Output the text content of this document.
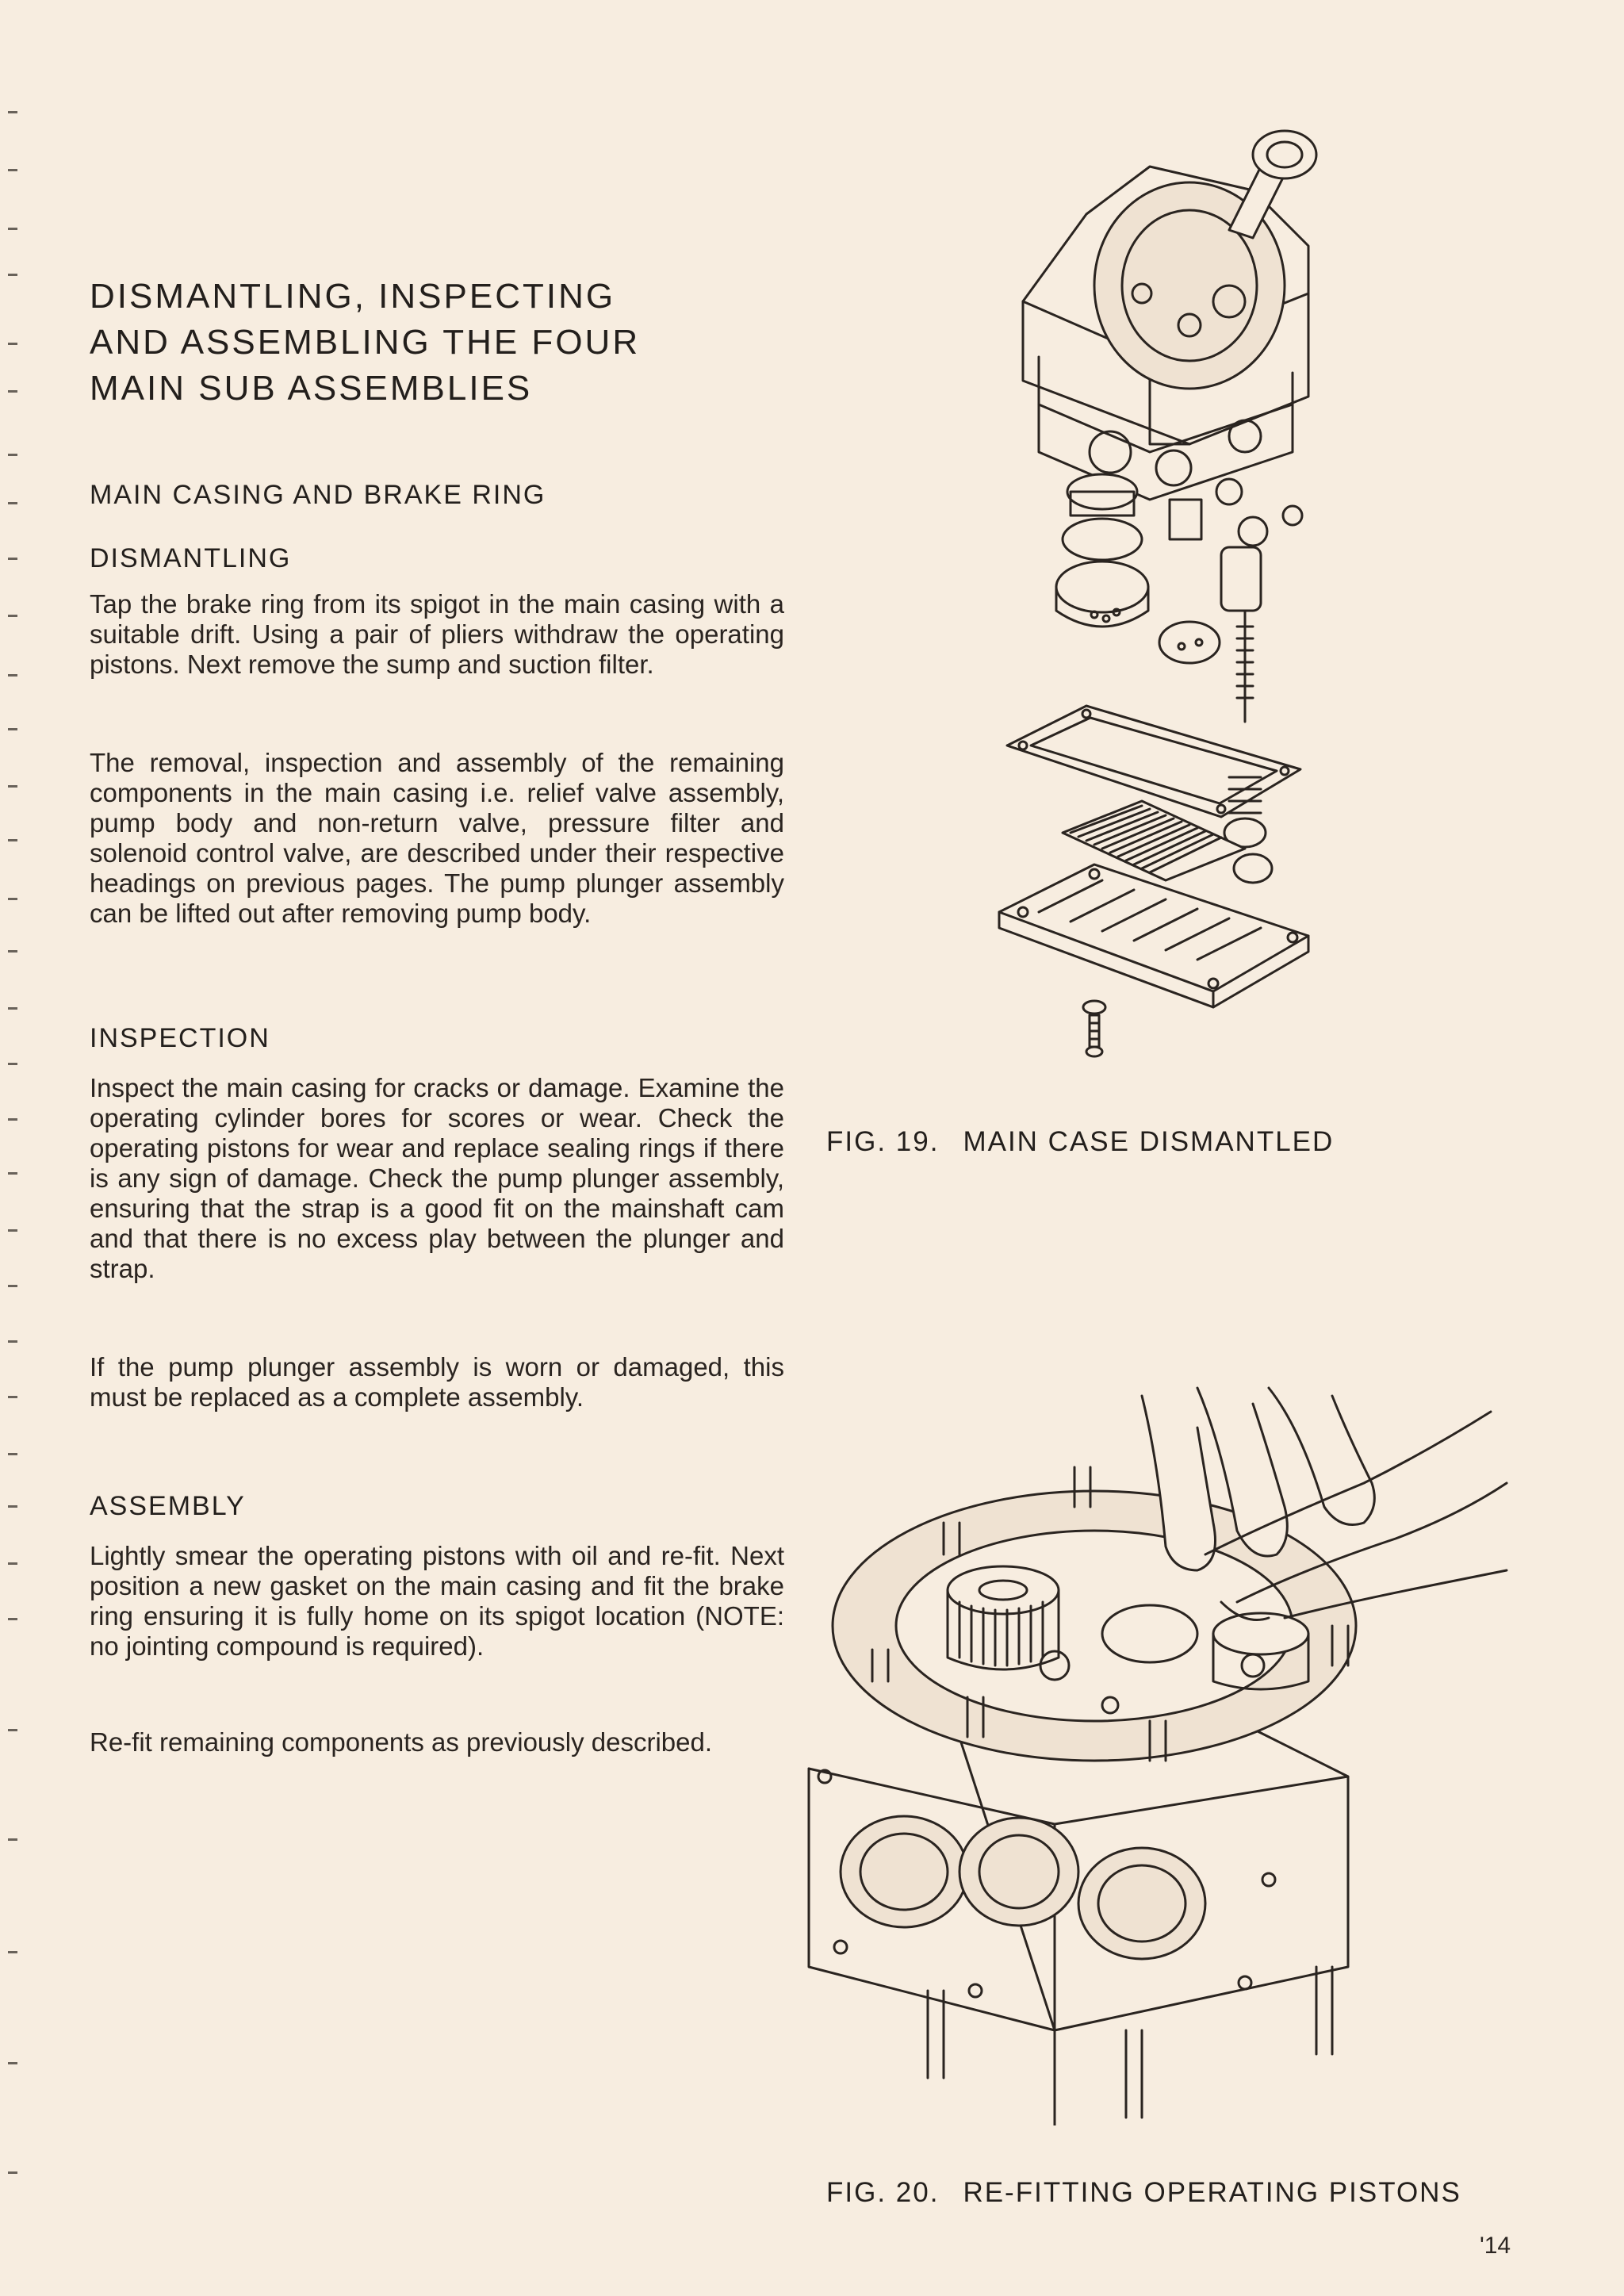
DISMANTLING, INSPECTING
AND ASSEMBLING THE FOUR
MAIN SUB ASSEMBLIES
MAIN CASING AND BRAKE RING
DISMANTLING

Tap the brake ring from its spigot in the main casing with a suitable drift. Using a pair of pliers withdraw the operating pistons. Next remove the sump and suction filter.

The removal, inspection and assembly of the remaining components in the main casing i.e. relief valve assembly, pump body and non-return valve, pressure filter and solenoid control valve, are described under their respective headings on previous pages. The pump plunger assembly can be lifted out after removing pump body.

INSPECTION

Inspect the main casing for cracks or damage. Examine the operating cylinder bores for scores or wear. Check the operating pistons for wear and replace sealing rings if there is any sign of damage. Check the pump plunger assembly, ensuring that the strap is a good fit on the mainshaft cam and that there is no excess play between the plunger and strap.

If the pump plunger assembly is worn or damaged, this must be replaced as a complete assembly.

ASSEMBLY

Lightly smear the operating pistons with oil and re-fit. Next position a new gasket on the main casing and fit the brake ring ensuring it is fully home on its spigot location (NOTE: no jointing compound is required).

Re-fit remaining components as previously described.

FIG. 19. MAIN CASE DISMANTLED
FIG. 20. RE-FITTING OPERATING PISTONS
'14
